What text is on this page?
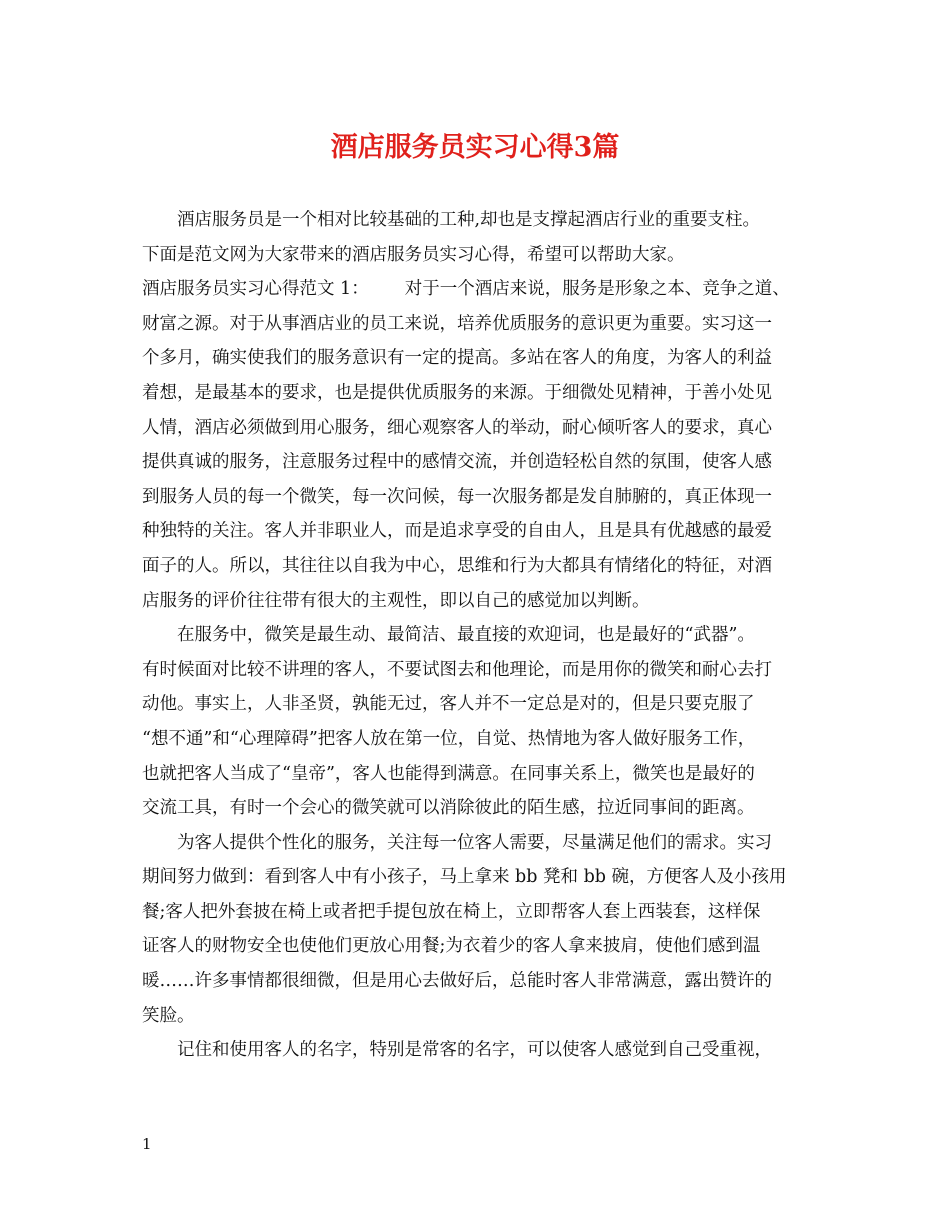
酒店服务员实习心得3篇
酒店服务员是一个相对比较基础的工种,却也是支撑起酒店行业的重要支柱。
下面是范文网为大家带来的酒店服务员实习心得，希望可以帮助大家。
酒店服务员实习心得范文 1： 对于一个酒店来说，服务是形象之本、竞争之道、
财富之源。对于从事酒店业的员工来说，培养优质服务的意识更为重要。实习这一
个多月，确实使我们的服务意识有一定的提高。多站在客人的角度，为客人的利益
着想，是最基本的要求，也是提供优质服务的来源。于细微处见精神，于善小处见
人情，酒店必须做到用心服务，细心观察客人的举动，耐心倾听客人的要求，真心
提供真诚的服务，注意服务过程中的感情交流，并创造轻松自然的氛围，使客人感
到服务人员的每一个微笑，每一次问候，每一次服务都是发自肺腑的，真正体现一
种独特的关注。客人并非职业人，而是追求享受的自由人，且是具有优越感的最爱
面子的人。所以，其往往以自我为中心，思维和行为大都具有情绪化的特征，对酒
店服务的评价往往带有很大的主观性，即以自己的感觉加以判断。
在服务中，微笑是最生动、最简洁、最直接的欢迎词，也是最好的“武器”。
有时候面对比较不讲理的客人，不要试图去和他理论，而是用你的微笑和耐心去打
动他。事实上，人非圣贤，孰能无过，客人并不一定总是对的，但是只要克服了
“想不通”和“心理障碍”把客人放在第一位，自觉、热情地为客人做好服务工作，
也就把客人当成了“皇帝”，客人也能得到满意。在同事关系上，微笑也是最好的
交流工具，有时一个会心的微笑就可以消除彼此的陌生感，拉近同事间的距离。
为客人提供个性化的服务，关注每一位客人需要，尽量满足他们的需求。实习
期间努力做到：看到客人中有小孩子，马上拿来 bb 凳和 bb 碗，方便客人及小孩用
餐;客人把外套披在椅上或者把手提包放在椅上，立即帮客人套上西装套，这样保
证客人的财物安全也使他们更放心用餐;为衣着少的客人拿来披肩，使他们感到温
暖……许多事情都很细微，但是用心去做好后，总能时客人非常满意，露出赞许的
笑脸。
记住和使用客人的名字，特别是常客的名字，可以使客人感觉到自己受重视，
1
